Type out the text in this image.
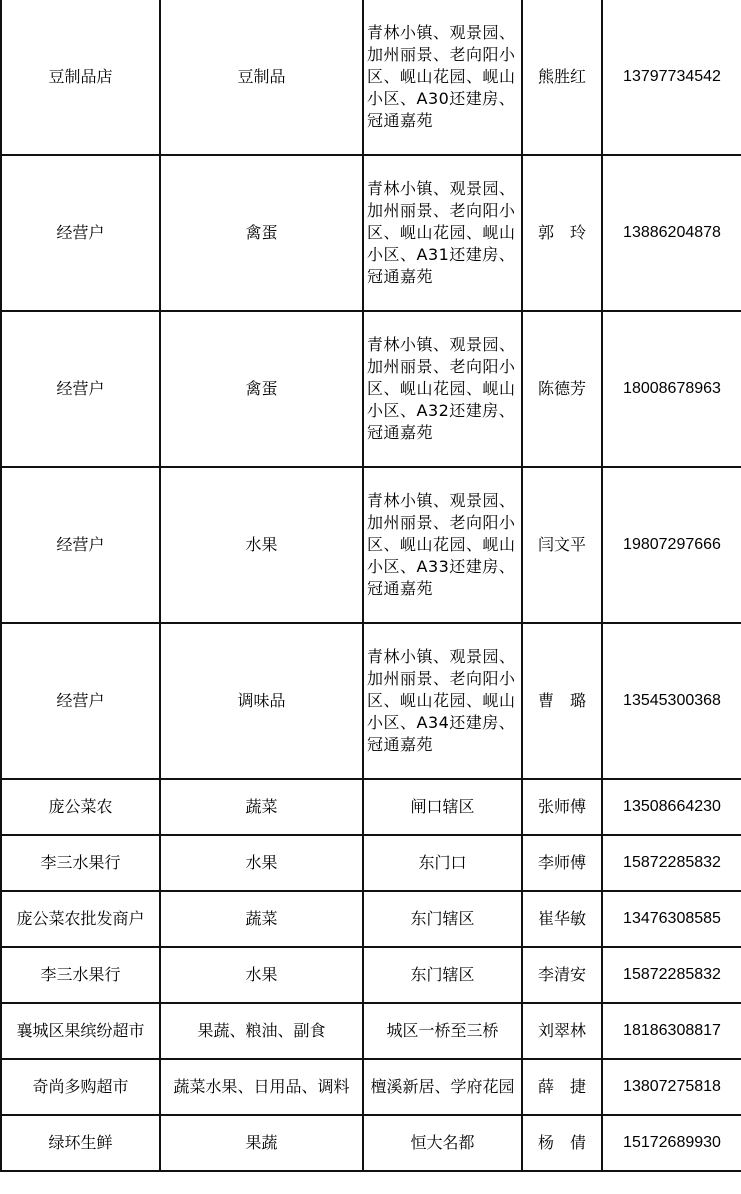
豆制品店	豆制品	青林小镇、观景园、加州丽景、老向阳小区、岘山花园、岘山小区、A30还建房、冠通嘉苑	熊胜红	13797734542
经营户	禽蛋	青林小镇、观景园、加州丽景、老向阳小区、岘山花园、岘山小区、A31还建房、冠通嘉苑	郭　玲	13886204878
经营户	禽蛋	青林小镇、观景园、加州丽景、老向阳小区、岘山花园、岘山小区、A32还建房、冠通嘉苑	陈德芳	18008678963
经营户	水果	青林小镇、观景园、加州丽景、老向阳小区、岘山花园、岘山小区、A33还建房、冠通嘉苑	闫文平	19807297666
经营户	调味品	青林小镇、观景园、加州丽景、老向阳小区、岘山花园、岘山小区、A34还建房、冠通嘉苑	曹　璐	13545300368
庞公菜农	蔬菜	闸口辖区	张师傅	13508664230
李三水果行	水果	东门口	李师傅	15872285832
庞公菜农批发商户	蔬菜	东门辖区	崔华敏	13476308585
李三水果行	水果	东门辖区	李清安	15872285832
襄城区果缤纷超市	果蔬、粮油、副食	城区一桥至三桥	刘翠林	18186308817
奇尚多购超市	蔬菜水果、日用品、调料	檀溪新居、学府花园	薛　捷	13807275818
绿环生鲜	果蔬	恒大名都	杨　倩	15172689930
